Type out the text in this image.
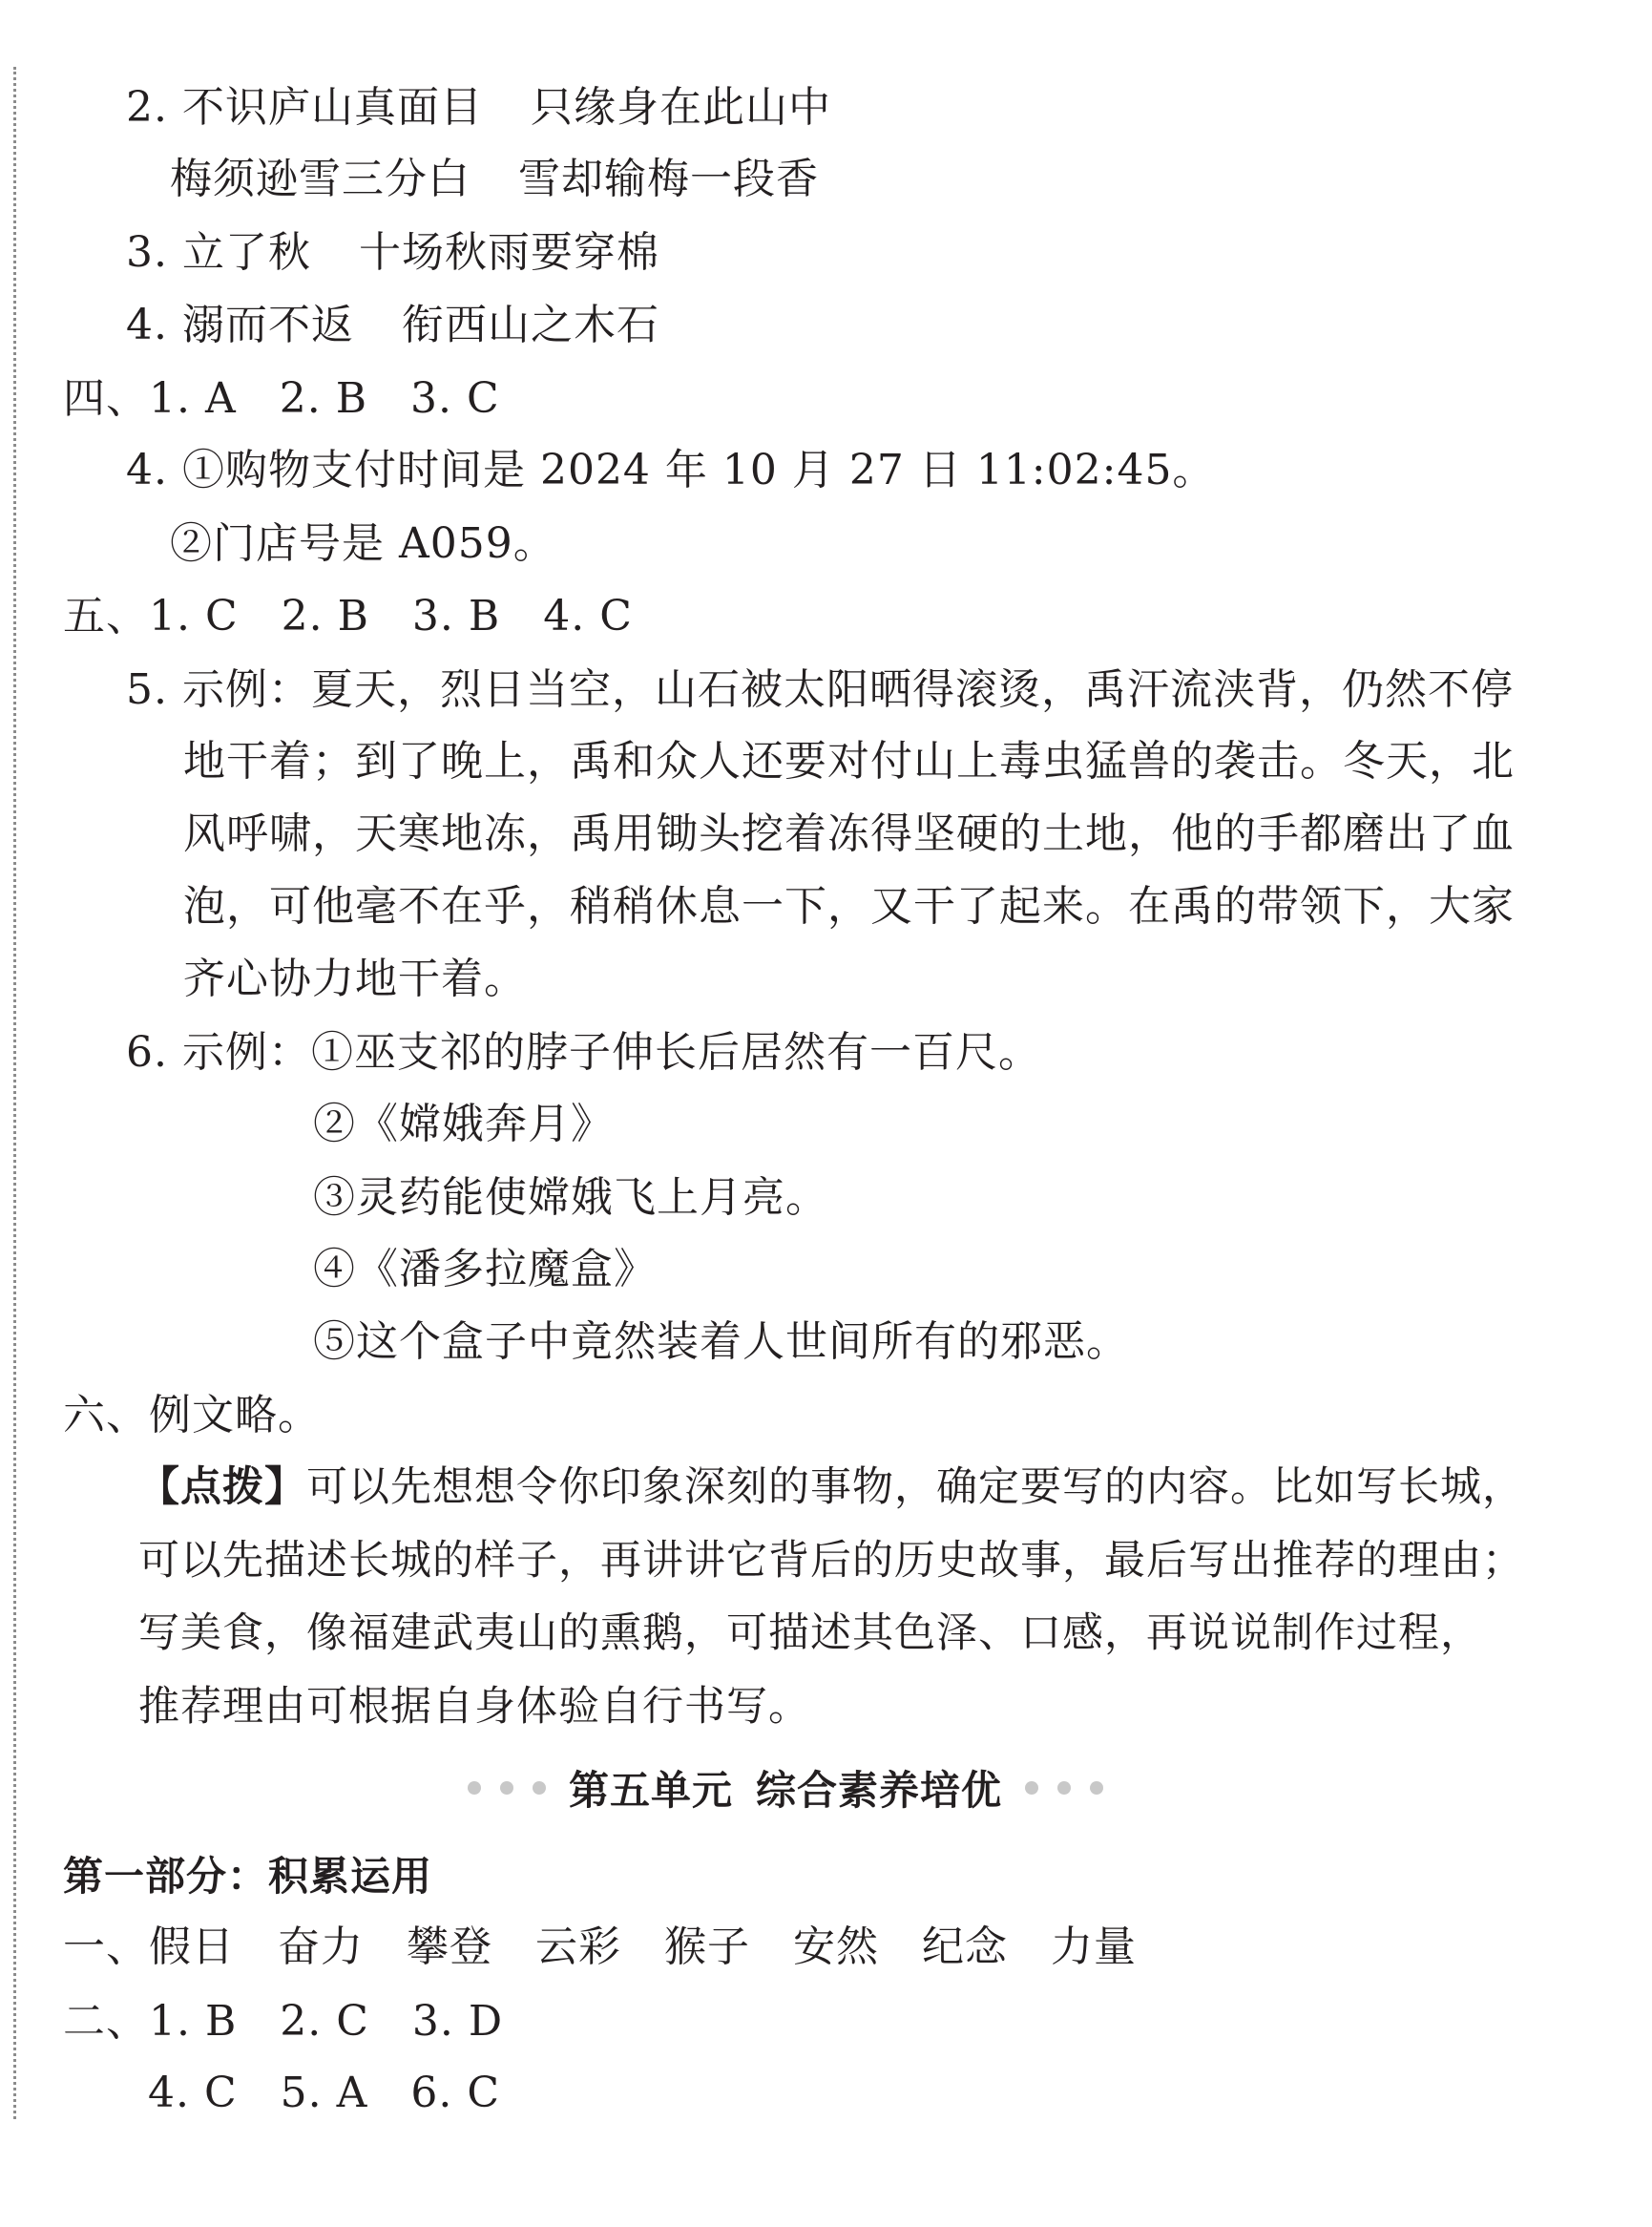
2. 不识庐山真面目 只缘身在此山中
梅须逊雪三分白 雪却输梅一段香
3. 立了秋 十场秋雨要穿棉
4. 溺而不返 衔西山之木石
四、1. A　2. B　3. C
4. ①购物支付时间是 2024 年 10 月 27 日 11:02:45。
②门店号是 A059。
五、1. C　2. B　3. B　4. C
5. 示例：夏天，烈日当空，山石被太阳晒得滚烫，禹汗流浃背，仍然不停
地干着；到了晚上，禹和众人还要对付山上毒虫猛兽的袭击。冬天，北
风呼啸，天寒地冻，禹用锄头挖着冻得坚硬的土地，他的手都磨出了血
泡，可他毫不在乎，稍稍休息一下，又干了起来。在禹的带领下，大家
齐心协力地干着。
6. 示例：①巫支祁的脖子伸长后居然有一百尺。
②《嫦娥奔月》
③灵药能使嫦娥飞上月亮。
④《潘多拉魔盒》
⑤这个盒子中竟然装着人世间所有的邪恶。
六、例文略。
【点拨】可以先想想令你印象深刻的事物，确定要写的内容。比如写长城，
可以先描述长城的样子，再讲讲它背后的历史故事，最后写出推荐的理由；
写美食，像福建武夷山的熏鹅，可描述其色泽、口感，再说说制作过程，
推荐理由可根据自身体验自行书写。
第五单元 综合素养培优
第一部分：积累运用
一、假日　奋力　攀登　云彩　猴子　安然　纪念　力量
二、1. B　2. C　3. D
4. C　5. A　6. C
